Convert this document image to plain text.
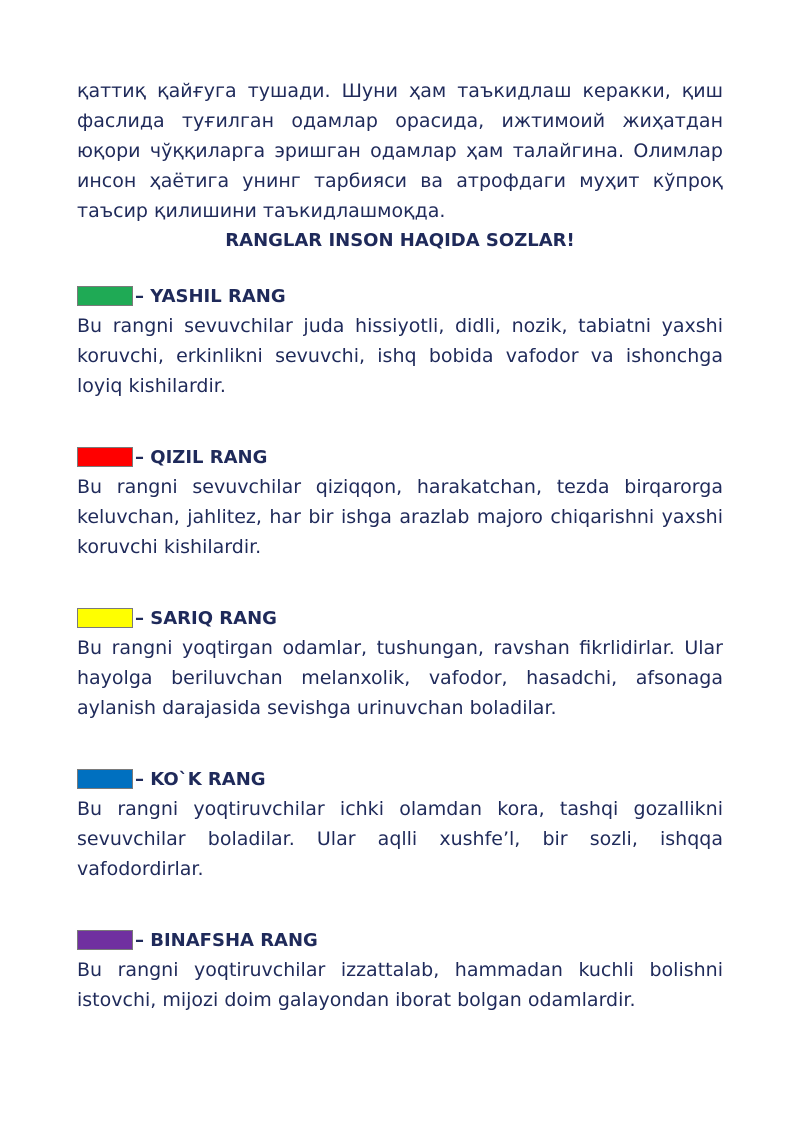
қаттиқ қайғуга тушади. Шуни ҳам таъкидлаш керакки, қиш фаслида туғилган одамлар орасида, ижтимоий жиҳатдан юқори чўққиларга эришган одамлар ҳам талайгина. Олимлар инсон ҳаётига унинг тарбияси ва атрофдаги муҳит кўпроқ таъсир қилишини таъкидлашмоқда.

RANGLAR INSON HAQIDA SOZLAR!

– YASHIL RANG

Bu rangni sevuvchilar juda hissiyotli, didli, nozik, tabiatni yaxshi koruvchi, erkinlikni sevuvchi, ishq bobida vafodor va ishonchga loyiq kishilardir.

– QIZIL RANG

Bu rangni sevuvchilar qiziqqon, harakatchan, tezda birqarorga keluvchan, jahlitez, har bir ishga arazlab majoro chiqarishni yaxshi koruvchi kishilardir.

– SARIQ RANG

Bu rangni yoqtirgan odamlar, tushungan, ravshan fikrlidirlar. Ular hayolga beriluvchan melanxolik, vafodor, hasadchi, afsonaga aylanish darajasida sevishga urinuvchan boladilar.

– KO`K RANG

Bu rangni yoqtiruvchilar ichki olamdan kora, tashqi gozallikni sevuvchilar boladilar. Ular aqlli xushfe’l, bir sozli, ishqqa vafodordirlar.

– BINAFSHA RANG

Bu rangni yoqtiruvchilar izzattalab, hammadan kuchli bolishni istovchi, mijozi doim galayondan iborat bolgan odamlardir.
